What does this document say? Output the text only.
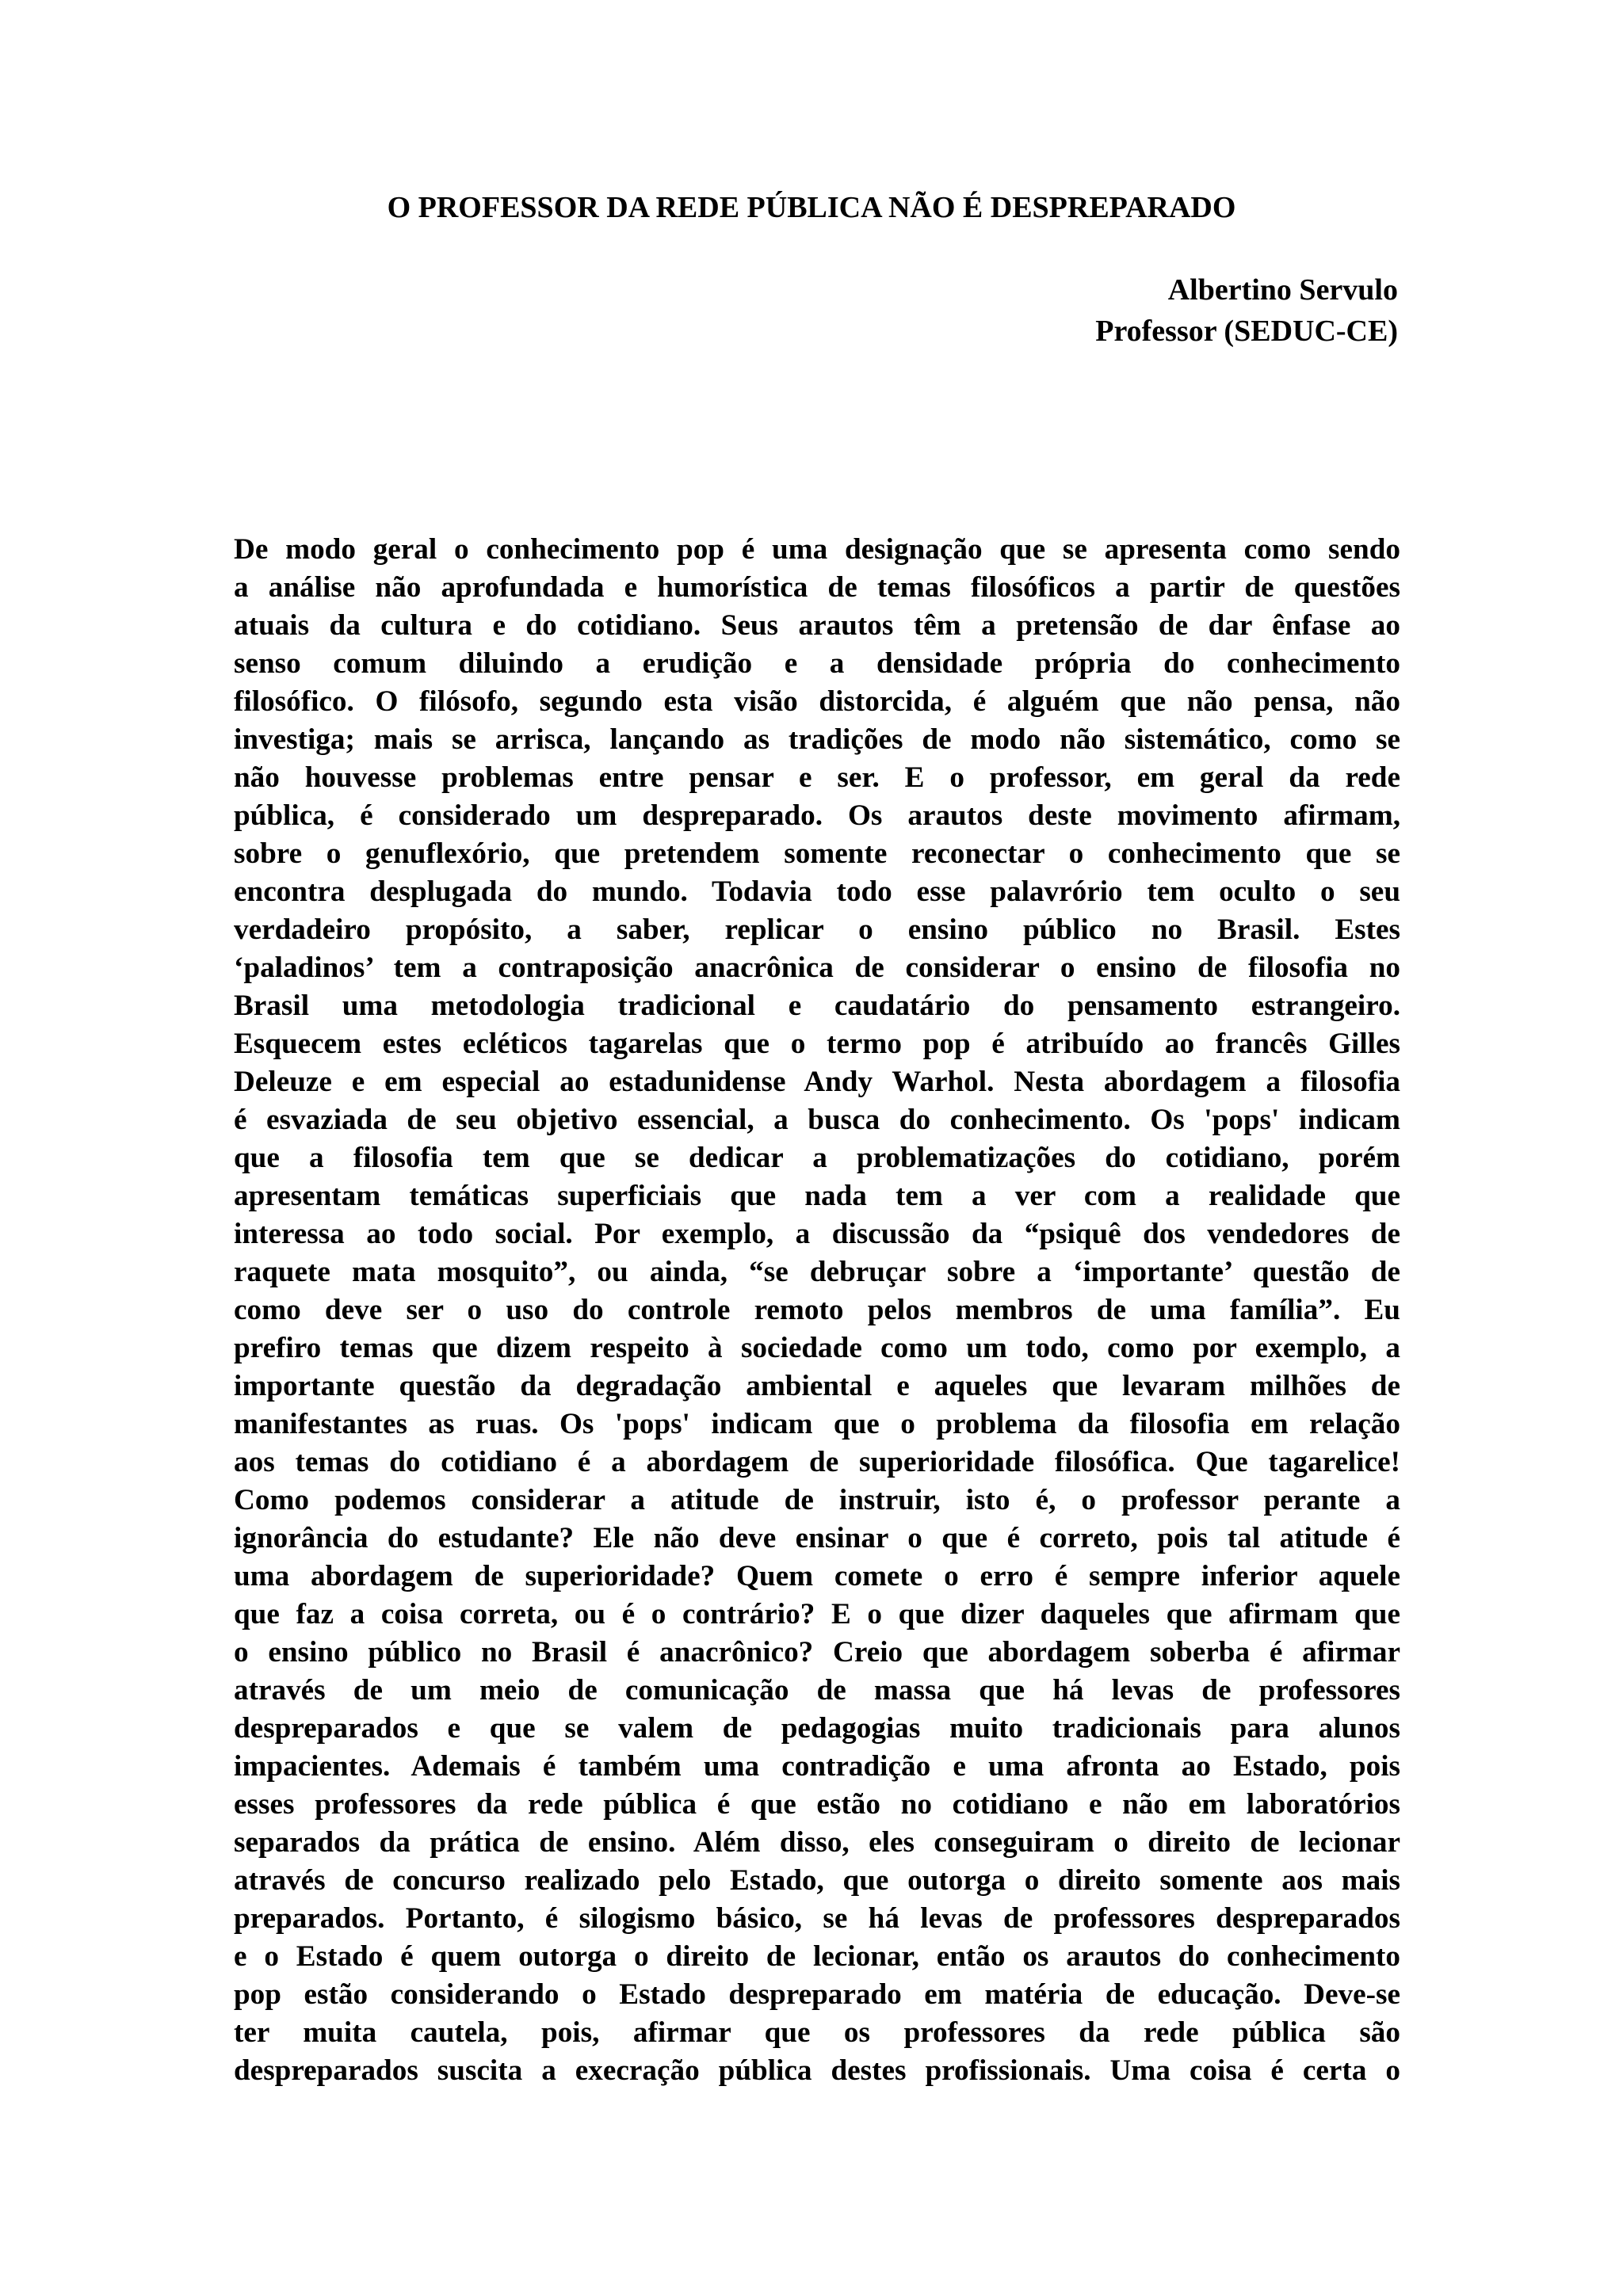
O PROFESSOR DA REDE PÚBLICA NÃO É DESPREPARADO
Albertino Servulo
Professor (SEDUC-CE)
De modo geral o conhecimento pop é uma designação que se apresenta como sendo
a análise não aprofundada e humorística de temas filosóficos a partir de questões
atuais da cultura e do cotidiano. Seus arautos têm a pretensão de dar ênfase ao
senso comum diluindo a erudição e a densidade própria do conhecimento
filosófico. O filósofo, segundo esta visão distorcida, é alguém que não pensa, não
investiga; mais se arrisca, lançando as tradições de modo não sistemático, como se
não houvesse problemas entre pensar e ser. E o professor, em geral da rede
pública, é considerado um despreparado. Os arautos deste movimento afirmam,
sobre o genuflexório, que pretendem somente reconectar o conhecimento que se
encontra desplugada do mundo. Todavia todo esse palavrório tem oculto o seu
verdadeiro propósito, a saber, replicar o ensino público no Brasil. Estes
‘paladinos’ tem a contraposição anacrônica de considerar o ensino de filosofia no
Brasil uma metodologia tradicional e caudatário do pensamento estrangeiro.
Esquecem estes ecléticos tagarelas que o termo pop é atribuído ao francês Gilles
Deleuze e em especial ao estadunidense Andy Warhol. Nesta abordagem a filosofia
é esvaziada de seu objetivo essencial, a busca do conhecimento. Os 'pops' indicam
que a filosofia tem que se dedicar a problematizações do cotidiano, porém
apresentam temáticas superficiais que nada tem a ver com a realidade que
interessa ao todo social. Por exemplo, a discussão da “psiquê dos vendedores de
raquete mata mosquito”, ou ainda, “se debruçar sobre a ‘importante’ questão de
como deve ser o uso do controle remoto pelos membros de uma família”. Eu
prefiro temas que dizem respeito à sociedade como um todo, como por exemplo, a
importante questão da degradação ambiental e aqueles que levaram milhões de
manifestantes as ruas. Os 'pops' indicam que o problema da filosofia em relação
aos temas do cotidiano é a abordagem de superioridade filosófica. Que tagarelice!
Como podemos considerar a atitude de instruir, isto é, o professor perante a
ignorância do estudante? Ele não deve ensinar o que é correto, pois tal atitude é
uma abordagem de superioridade? Quem comete o erro é sempre inferior aquele
que faz a coisa correta, ou é o contrário? E o que dizer daqueles que afirmam que
o ensino público no Brasil é anacrônico? Creio que abordagem soberba é afirmar
através de um meio de comunicação de massa que há levas de professores
despreparados e que se valem de pedagogias muito tradicionais para alunos
impacientes. Ademais é também uma contradição e uma afronta ao Estado, pois
esses professores da rede pública é que estão no cotidiano e não em laboratórios
separados da prática de ensino. Além disso, eles conseguiram o direito de lecionar
através de concurso realizado pelo Estado, que outorga o direito somente aos mais
preparados. Portanto, é silogismo básico, se há levas de professores despreparados
e o Estado é quem outorga o direito de lecionar, então os arautos do conhecimento
pop estão considerando o Estado despreparado em matéria de educação. Deve-se
ter muita cautela, pois, afirmar que os professores da rede pública são
despreparados suscita a execração pública destes profissionais. Uma coisa é certa o
